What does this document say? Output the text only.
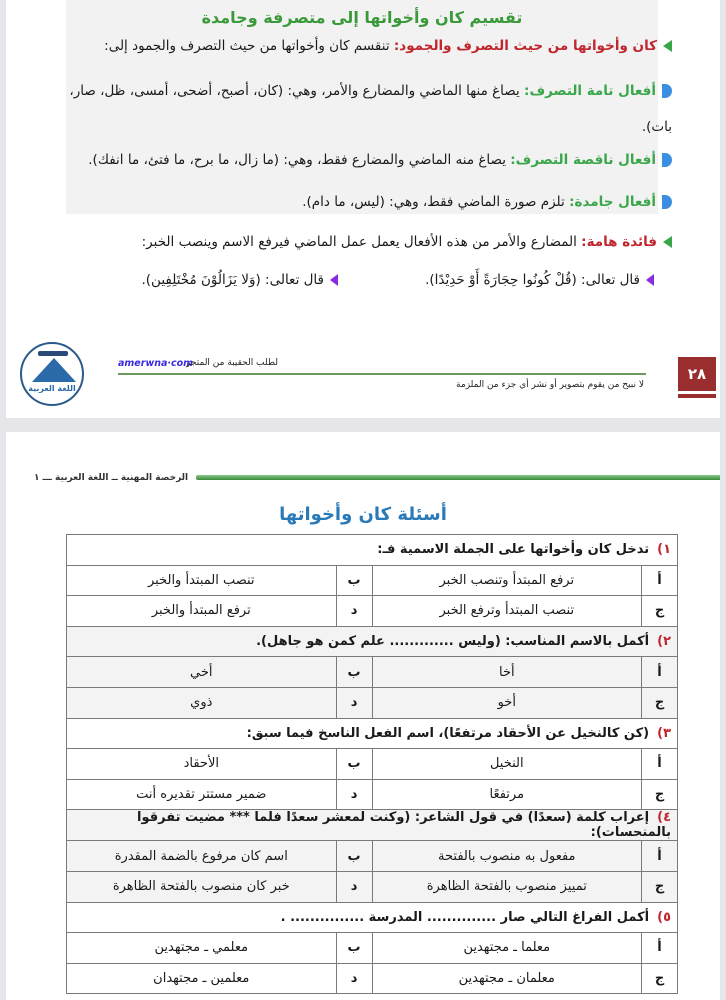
تقسيم كان وأخواتها إلى متصرفة وجامدة
كان وأخواتها من حيث التصرف والجمود: تنقسم كان وأخواتها من حيث التصرف والجمود إلى:
أفعال تامة التصرف: يصاغ منها الماضي والمضارع والأمر، وهي: (كان، أصبح، أضحى، أمسى، ظل، صار، بات).
أفعال ناقصة التصرف: يصاغ منه الماضي والمضارع فقط، وهي: (ما زال، ما برح، ما فتئ، ما انفك).
أفعال جامدة: تلزم صورة الماضي فقط، وهي: (ليس، ما دام).
فائدة هامة: المضارع والأمر من هذه الأفعال يعمل عمل الماضي فيرفع الاسم وينصب الخبر:
قال تعالى: (قُلْ كُونُوا حِجَارَةً أَوْ حَدِيْدًا).
قال تعالى: (وَلا يَزَالُوْنَ مُخْتَلِفِين).
اللغة العربية
amerwna·com
لطلب الحقيبة من المتجر
لا نبيح من يقوم بتصوير أو نشر أي جزء من الملزمة
٢٨
الرخصة المهنية ــ اللغة العربية ـــ ١
أسئلة كان وأخواتها
١)تدخل كان وأخواتها على الجملة الاسمية فـ:			
أ	ترفع المبتدأ وتنصب الخبر	ب	تنصب المبتدأ والخبر
ج	تنصب المبتدأ وترفع الخبر	د	ترفع المبتدأ والخبر
٢)أكمل بالاسم المناسب: (وليس ............. علم كمن هو جاهل).			
أ	أخا	ب	أخي
ج	أخو	د	ذوي
٣)(كن كالنخيل عن الأحقاد مرتفعًا)، اسم الفعل الناسخ فيما سبق:			
أ	النخيل	ب	الأحقاد
ج	مرتفعًا	د	ضمير مستتر تقديره أنت
٤)إعراب كلمة (سعدًا) في قول الشاعر: (وكنت لمعشر سعدًا فلما *** مضيت تفرقوا بالمنحسات):			
أ	مفعول به منصوب بالفتحة	ب	اسم كان مرفوع بالضمة المقدرة
ج	تمييز منصوب بالفتحة الظاهرة	د	خبر كان منصوب بالفتحة الظاهرة
٥)أكمل الفراغ التالي صار .............. المدرسة ............... .			
أ	معلما ـ مجتهدين	ب	معلمي ـ مجتهدين
ج	معلمان ـ مجتهدين	د	معلمين ـ مجتهدان
